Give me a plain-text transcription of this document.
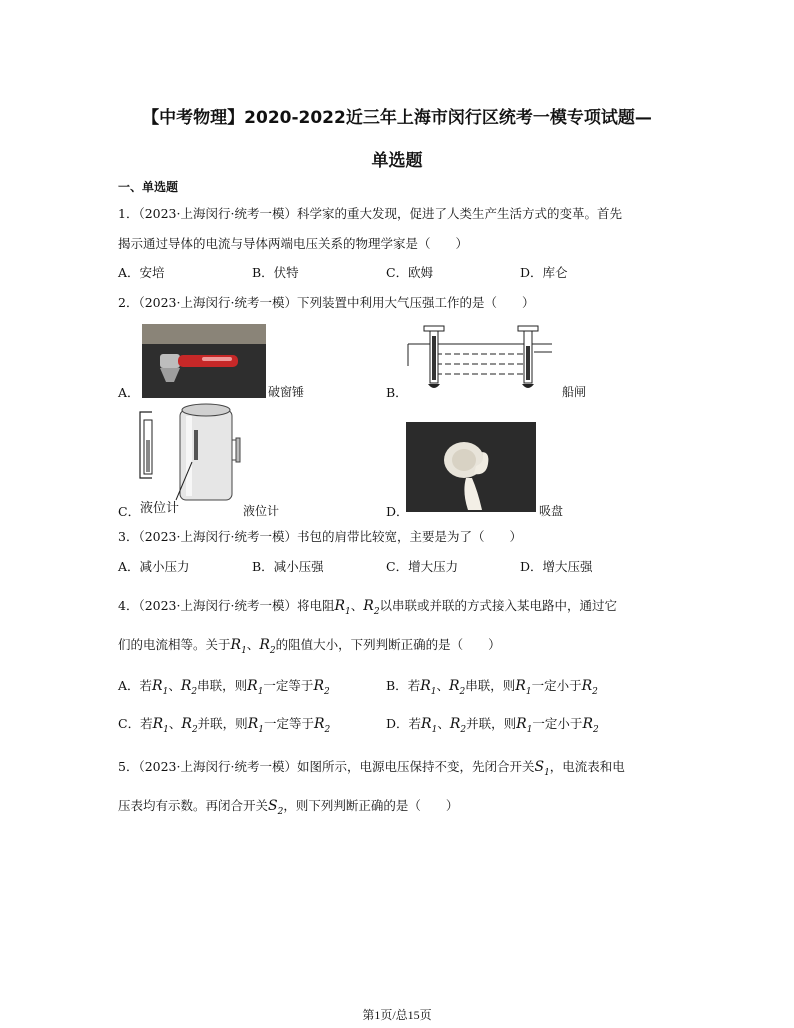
【中考物理】2020-2022近三年上海市闵行区统考一模专项试题—
单选题
一、单选题
1．（2023·上海闵行·统考一模）科学家的重大发现，促进了人类生产生活方式的变革。首先
揭示通过导体的电流与导体两端电压关系的物理学家是（　　）
A．安培	B．伏特	C．欧姆	D．库仑
2．（2023·上海闵行·统考一模）下列装置中利用大气压强工作的是（　　）
A．	破窗锤	B．	船闸
液位计
C．	液位计	D．	吸盘
3．（2023·上海闵行·统考一模）书包的肩带比较宽，主要是为了（　　）
A．减小压力	B．减小压强	C．增大压力	D．增大压强
4．（2023·上海闵行·统考一模）将电阻$R_1$、$R_2$以串联或并联的方式接入某电路中，通过它
们的电流相等。关于$R_1$、$R_2$的阻值大小，下列判断正确的是（　　）
A．若$R_1$、$R_2$串联，则$R_1$一定等于$R_2$	B．若$R_1$、$R_2$串联，则$R_1$一定小于$R_2$
C．若$R_1$、$R_2$并联，则$R_1$一定等于$R_2$	D．若$R_1$、$R_2$并联，则$R_1$一定小于$R_2$
5．（2023·上海闵行·统考一模）如图所示，电源电压保持不变，先闭合开关$S_1$，电流表和电
压表均有示数。再闭合开关$S_2$，则下列判断正确的是（　　）
第1页/总15页
